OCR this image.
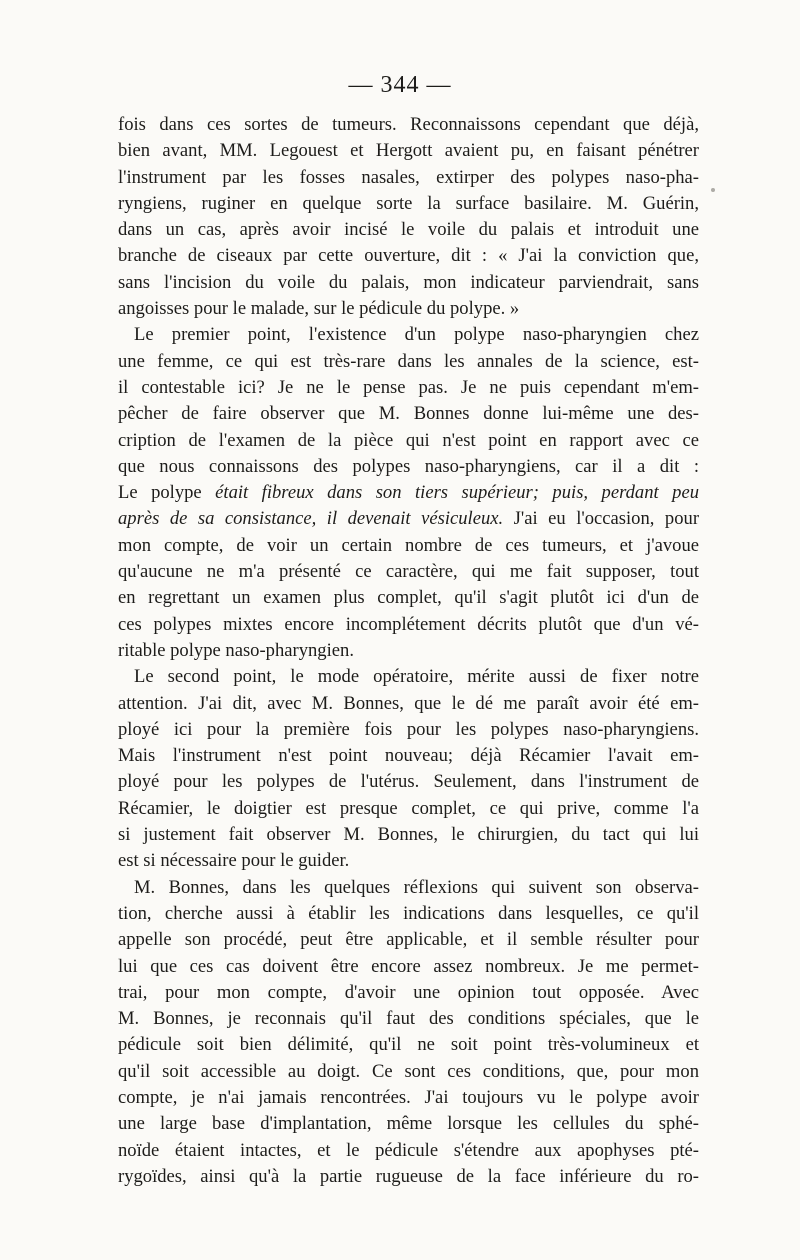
— 344 —
fois dans ces sortes de tumeurs. Reconnaissons cependant que déjà,
bien avant, MM. Legouest et Hergott avaient pu, en faisant pénétrer
l'instrument par les fosses nasales, extirper des polypes naso-pha-
ryngiens, ruginer en quelque sorte la surface basilaire. M. Guérin,
dans un cas, après avoir incisé le voile du palais et introduit une
branche de ciseaux par cette ouverture, dit : « J'ai la conviction que,
sans l'incision du voile du palais, mon indicateur parviendrait, sans
angoisses pour le malade, sur le pédicule du polype. »
Le premier point, l'existence d'un polype naso-pharyngien chez
une femme, ce qui est très-rare dans les annales de la science, est-
il contestable ici? Je ne le pense pas. Je ne puis cependant m'em-
pêcher de faire observer que M. Bonnes donne lui-même une des-
cription de l'examen de la pièce qui n'est point en rapport avec ce
que nous connaissons des polypes naso-pharyngiens, car il a dit :
Le polype était fibreux dans son tiers supérieur; puis, perdant peu
après de sa consistance, il devenait vésiculeux. J'ai eu l'occasion, pour
mon compte, de voir un certain nombre de ces tumeurs, et j'avoue
qu'aucune ne m'a présenté ce caractère, qui me fait supposer, tout
en regrettant un examen plus complet, qu'il s'agit plutôt ici d'un de
ces polypes mixtes encore incomplétement décrits plutôt que d'un vé-
ritable polype naso-pharyngien.
Le second point, le mode opératoire, mérite aussi de fixer notre
attention. J'ai dit, avec M. Bonnes, que le dé me paraît avoir été em-
ployé ici pour la première fois pour les polypes naso-pharyngiens.
Mais l'instrument n'est point nouveau; déjà Récamier l'avait em-
ployé pour les polypes de l'utérus. Seulement, dans l'instrument de
Récamier, le doigtier est presque complet, ce qui prive, comme l'a
si justement fait observer M. Bonnes, le chirurgien, du tact qui lui
est si nécessaire pour le guider.
M. Bonnes, dans les quelques réflexions qui suivent son observa-
tion, cherche aussi à établir les indications dans lesquelles, ce qu'il
appelle son procédé, peut être applicable, et il semble résulter pour
lui que ces cas doivent être encore assez nombreux. Je me permet-
trai, pour mon compte, d'avoir une opinion tout opposée. Avec
M. Bonnes, je reconnais qu'il faut des conditions spéciales, que le
pédicule soit bien délimité, qu'il ne soit point très-volumineux et
qu'il soit accessible au doigt. Ce sont ces conditions, que, pour mon
compte, je n'ai jamais rencontrées. J'ai toujours vu le polype avoir
une large base d'implantation, même lorsque les cellules du sphé-
noïde étaient intactes, et le pédicule s'étendre aux apophyses pté-
rygoïdes, ainsi qu'à la partie rugueuse de la face inférieure du ro-
